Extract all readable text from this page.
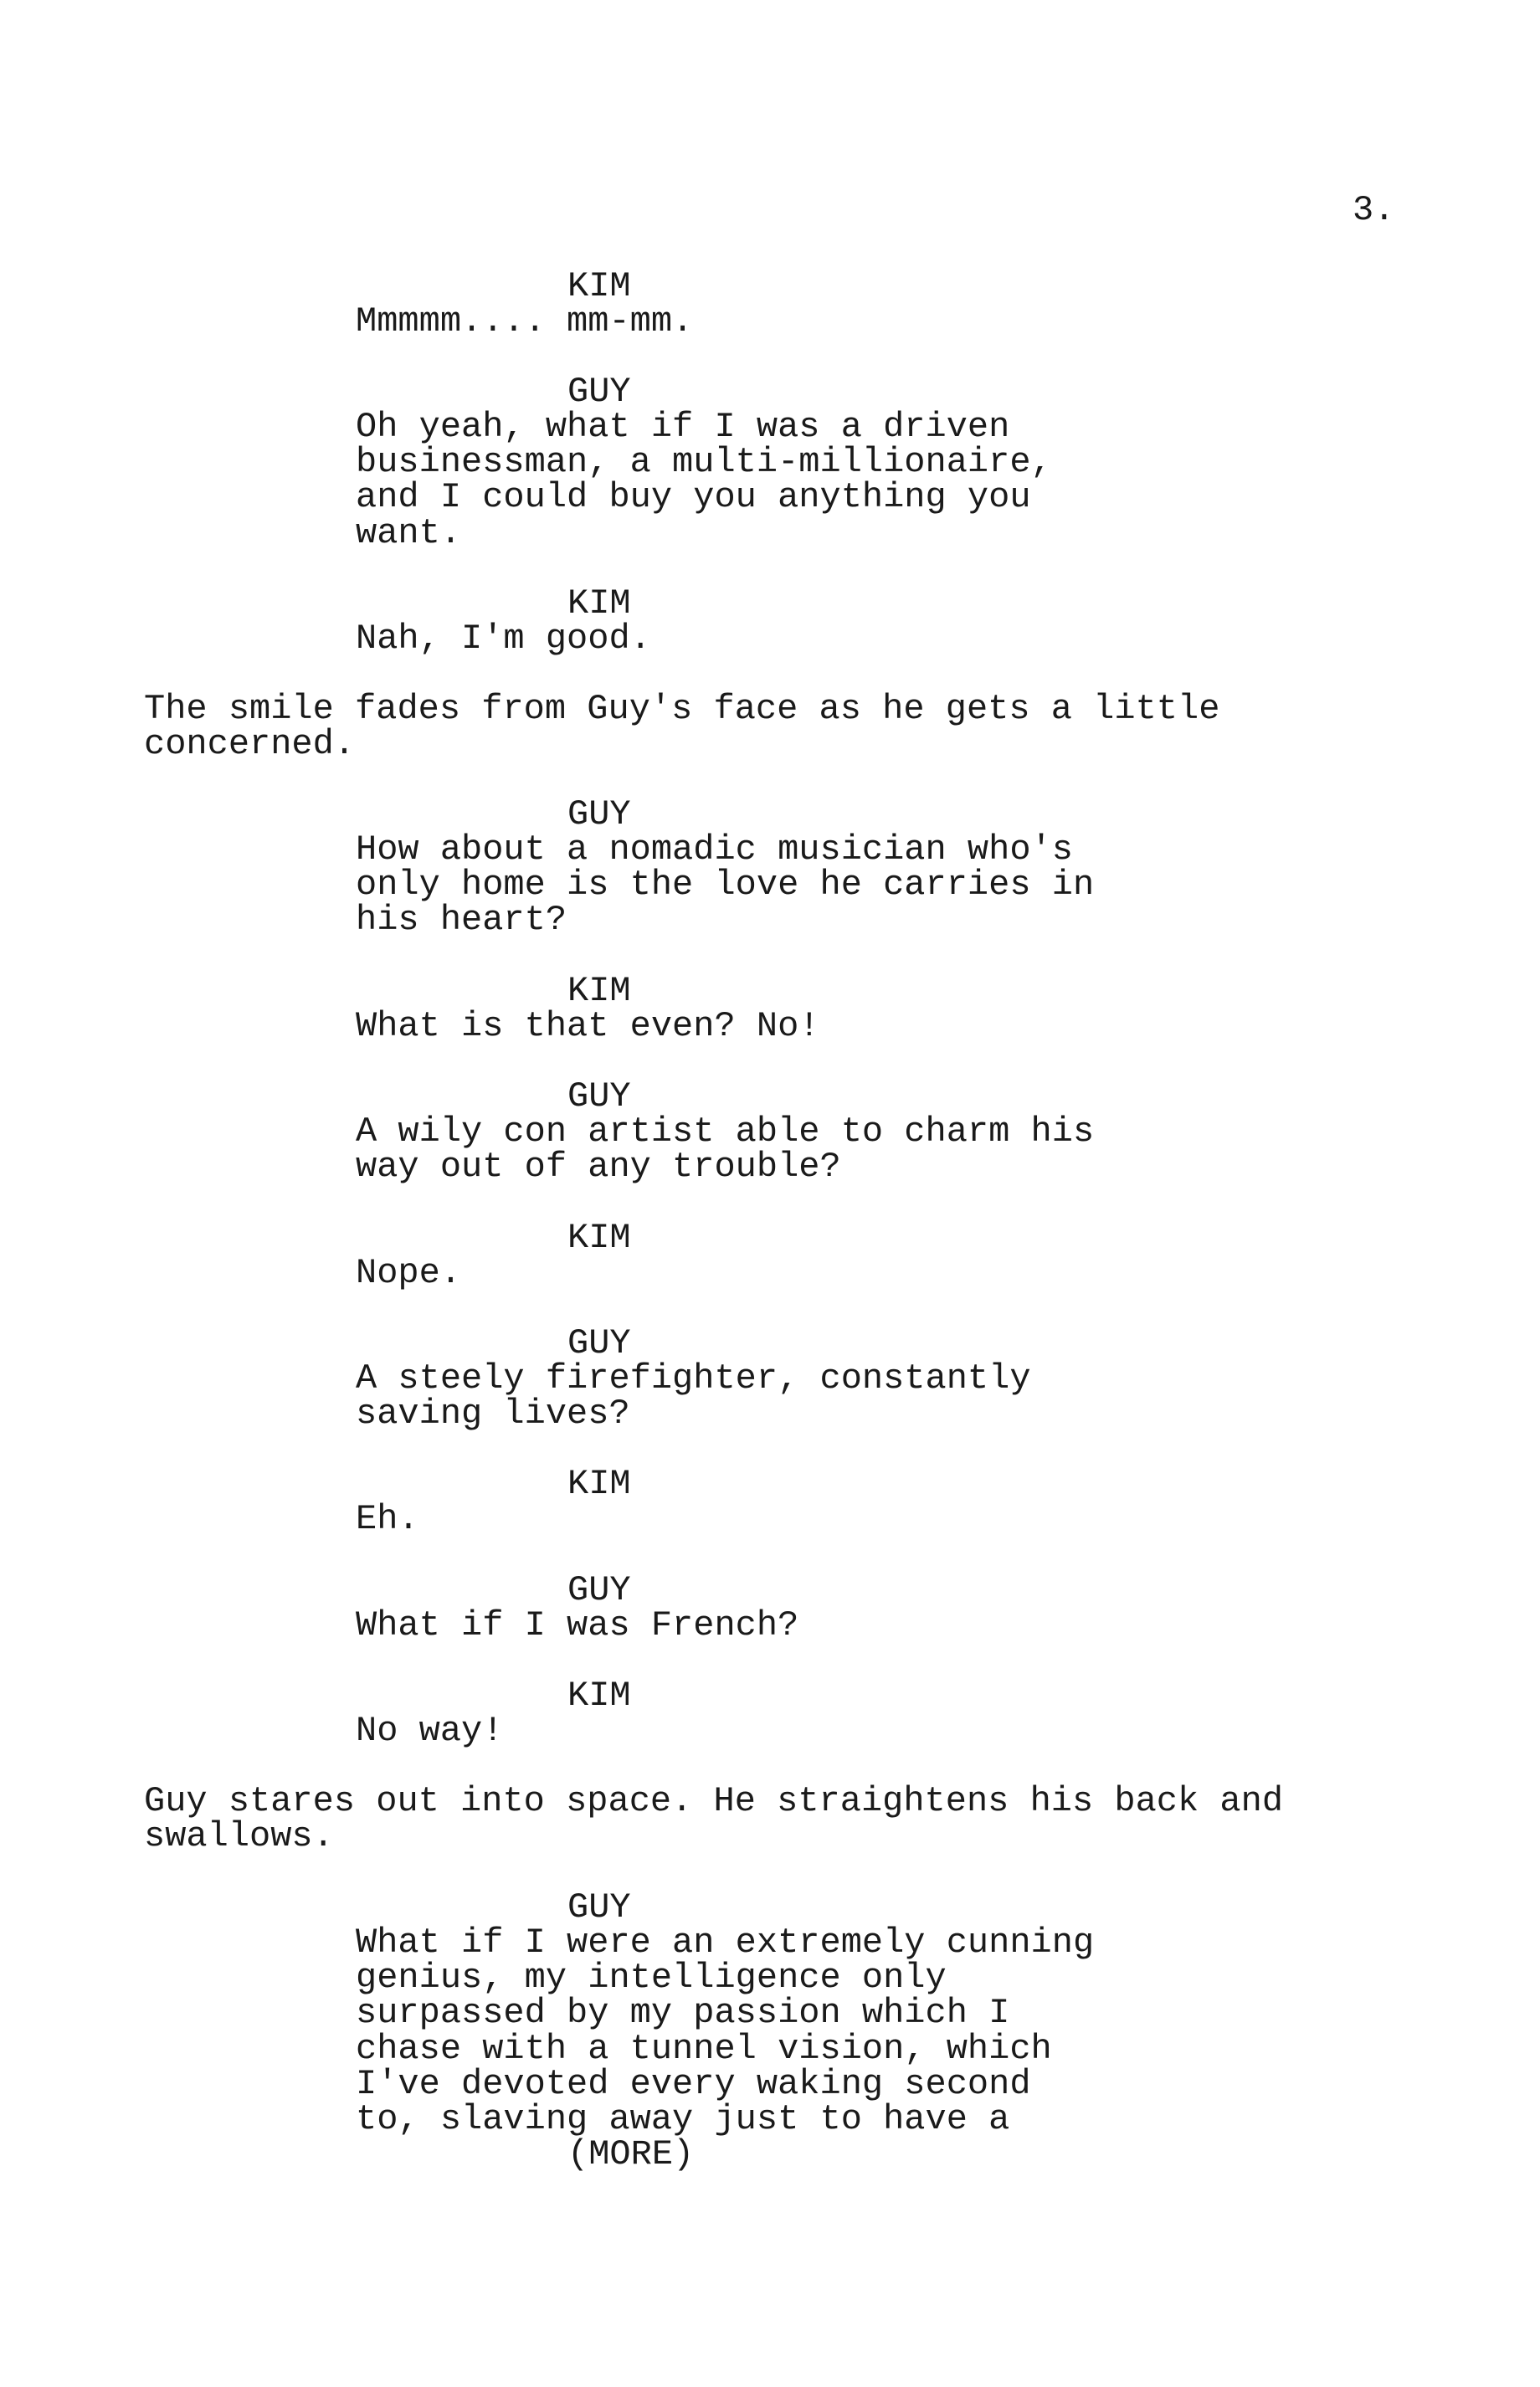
3.
KIM
Mmmmm.... mm-mm.
GUY
Oh yeah, what if I was a driven
businessman, a multi-millionaire,
and I could buy you anything you
want.
KIM
Nah, I'm good.
The smile fades from Guy's face as he gets a little
concerned.
GUY
How about a nomadic musician who's
only home is the love he carries in
his heart?
KIM
What is that even? No!
GUY
A wily con artist able to charm his
way out of any trouble?
KIM
Nope.
GUY
A steely firefighter, constantly
saving lives?
KIM
Eh.
GUY
What if I was French?
KIM
No way!
Guy stares out into space. He straightens his back and
swallows.
GUY
What if I were an extremely cunning
genius, my intelligence only
surpassed by my passion which I
chase with a tunnel vision, which
I've devoted every waking second
to, slaving away just to have a
(MORE)
